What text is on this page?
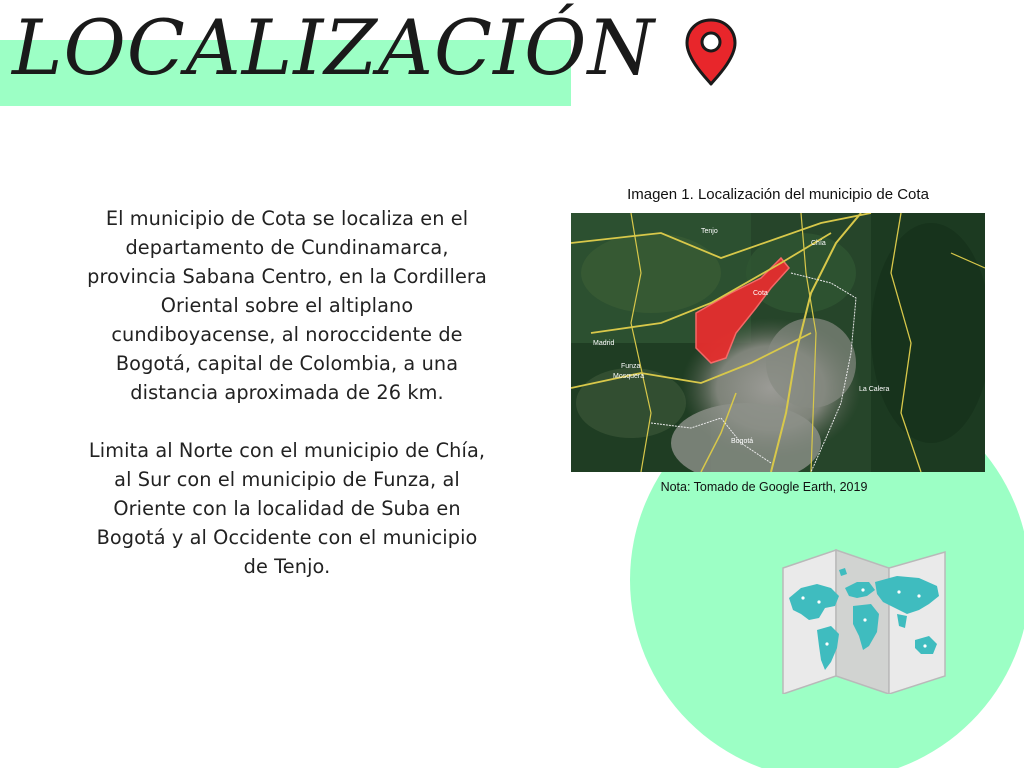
LOCALIZACIÓN

El municipio de Cota se localiza en el departamento de Cundinamarca, provincia Sabana Centro, en la Cordillera Oriental sobre el altiplano cundiboyacense, al noroccidente de Bogotá, capital de Colombia, a una distancia aproximada de 26 km.

Limita al Norte con el municipio de Chía, al Sur con el municipio de Funza, al Oriente con la localidad de Suba en Bogotá y al Occidente con el municipio de Tenjo.

Imagen 1. Localización del municipio de Cota
Cota
Bogotá
Chía
Funza
Mosquera
La Calera
Tenjo
Madrid
Nota: Tomado de Google Earth, 2019
